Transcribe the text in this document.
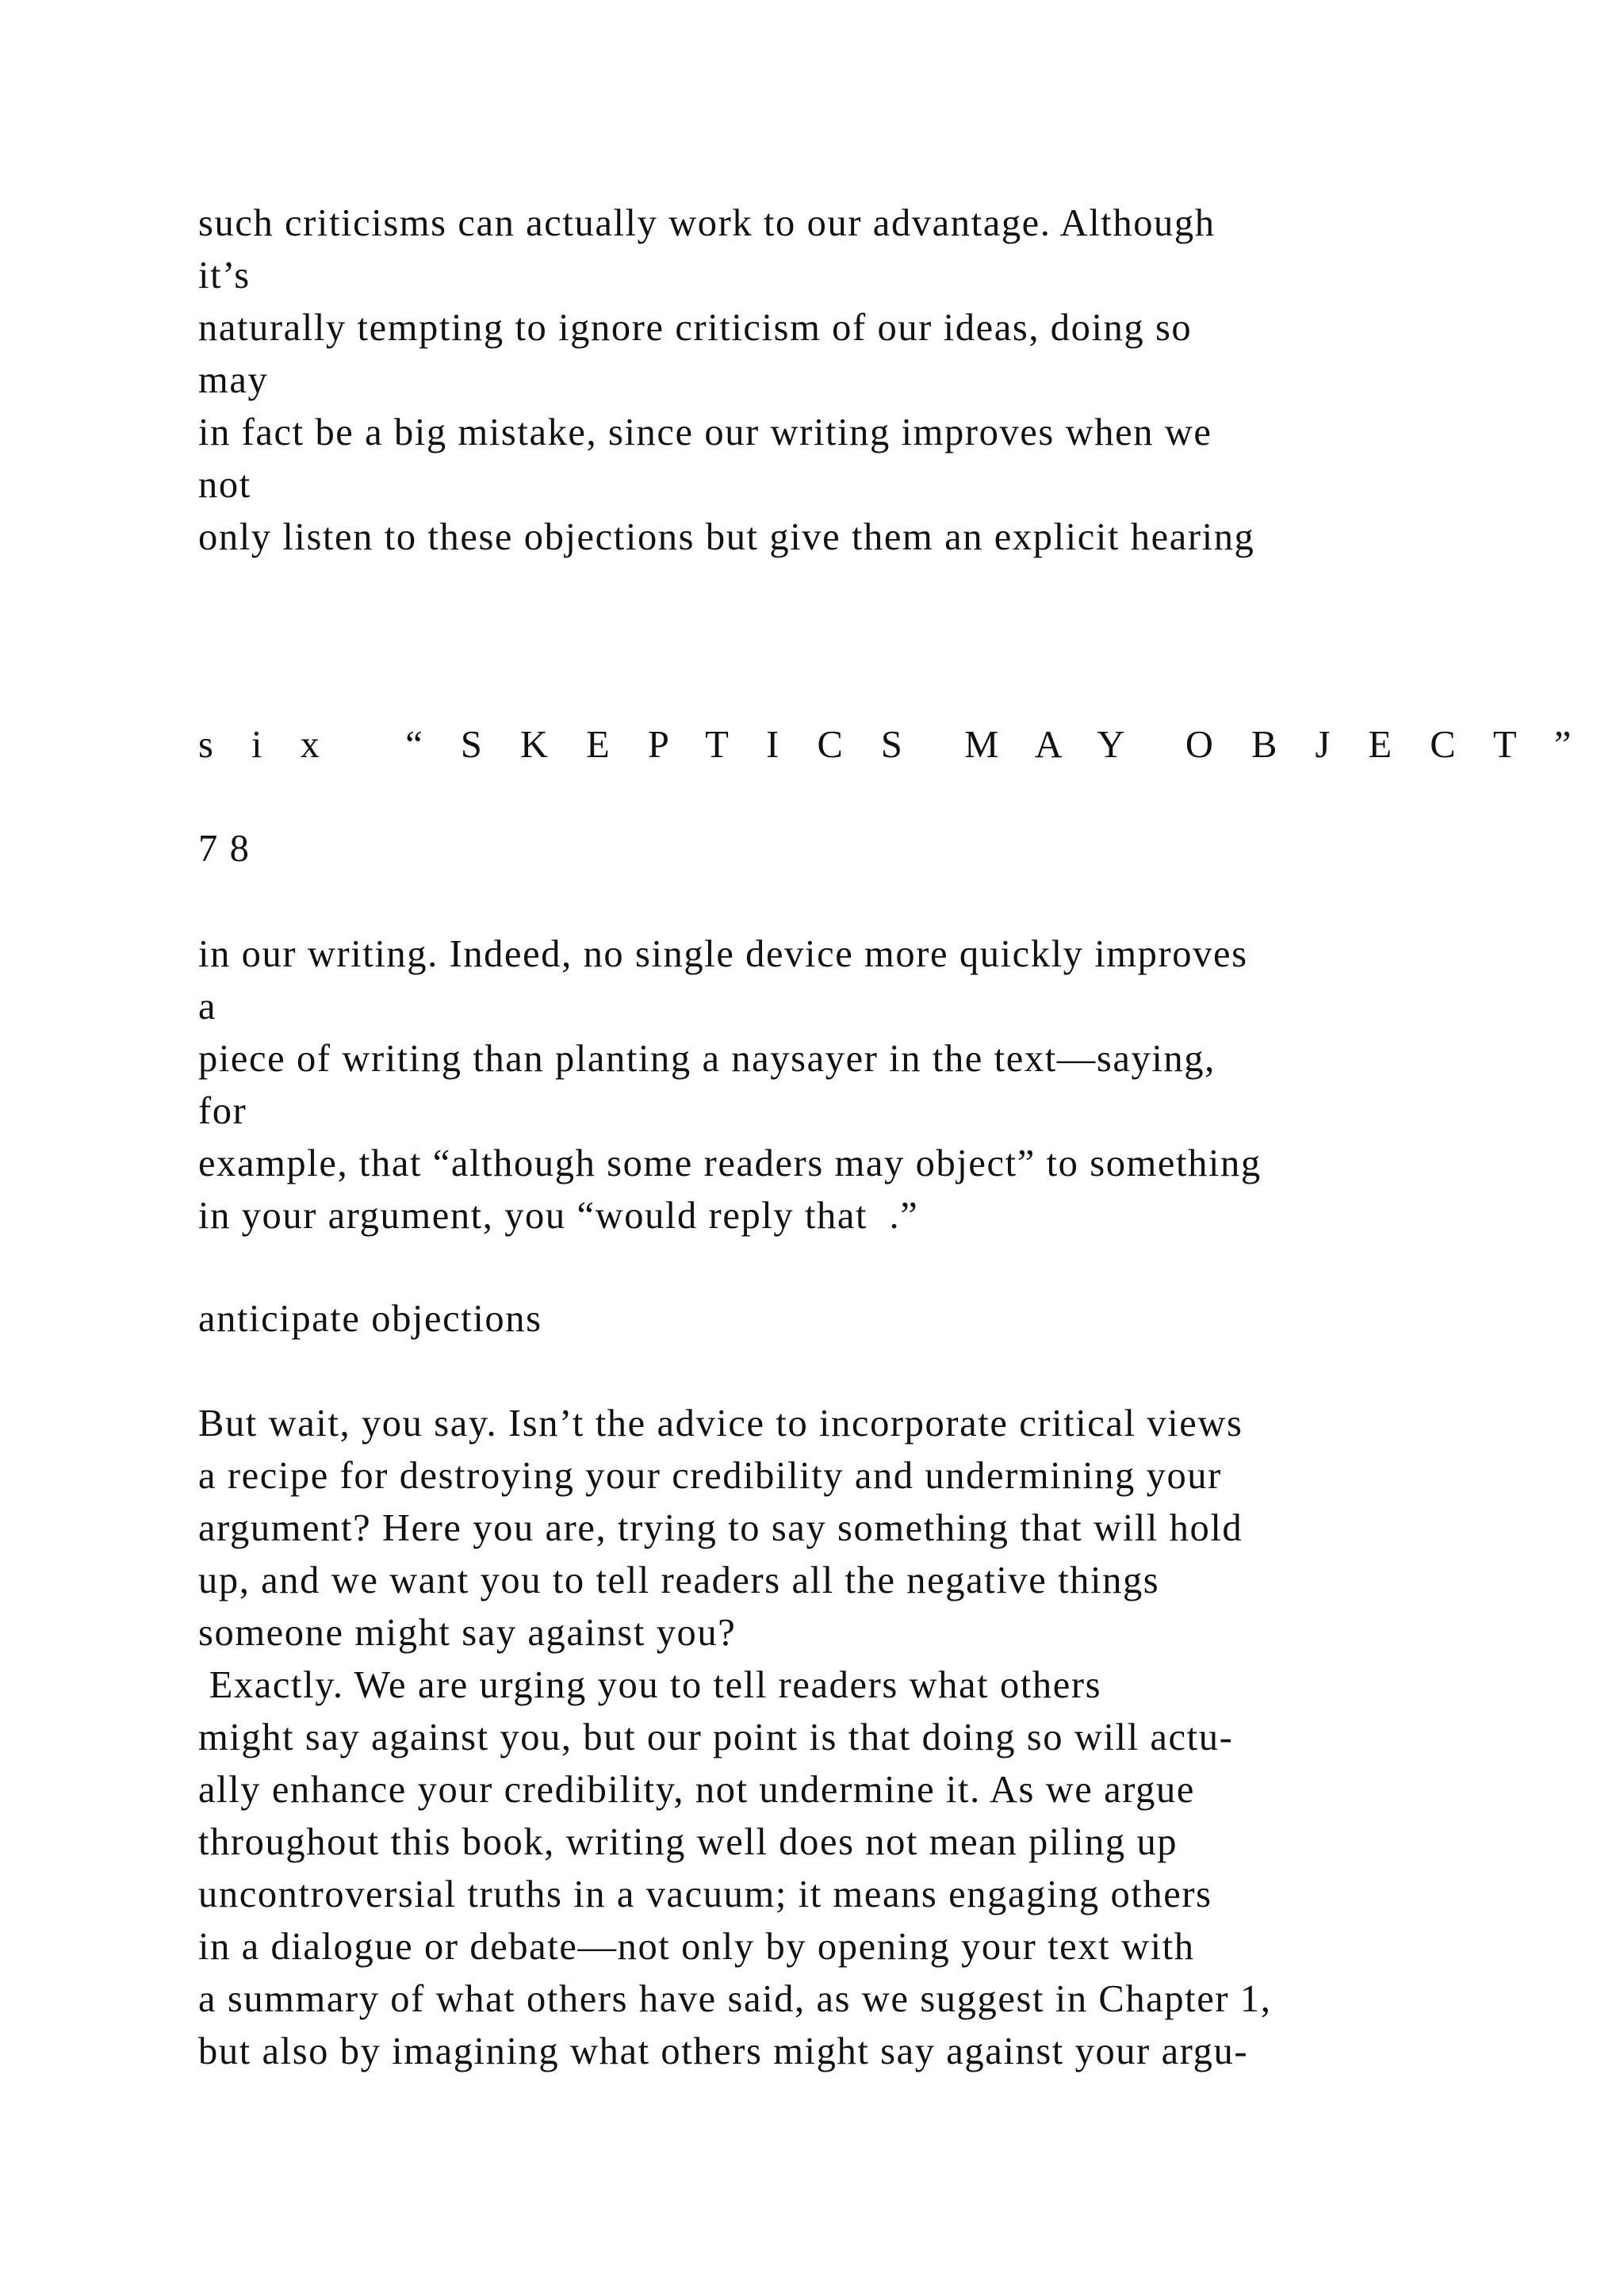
such criticisms can actually work to our advantage. Although
it’s
naturally tempting to ignore criticism of our ideas, doing so
may
in fact be a big mistake, since our writing improves when we
not
only listen to these objections but give them an explicit hearing
s i x   “ S K E P T I C S  M A Y  O B J E C T ”
7 8
in our writing. Indeed, no single device more quickly improves
a
piece of writing than planting a naysayer in the text—saying,
for
example, that “although some readers may object” to something
in your argument, you “would reply that  .”
anticipate objections
But wait, you say. Isn’t the advice to incorporate critical views
a recipe for destroying your credibility and undermining your
argument? Here you are, trying to say something that will hold
up, and we want you to tell readers all the negative things
someone might say against you?
Exactly. We are urging you to tell readers what others
might say against you, but our point is that doing so will actu-
ally enhance your credibility, not undermine it. As we argue
throughout this book, writing well does not mean piling up
uncontroversial truths in a vacuum; it means engaging others
in a dialogue or debate—not only by opening your text with
a summary of what others have said, as we suggest in Chapter 1,
but also by imagining what others might say against your argu-
